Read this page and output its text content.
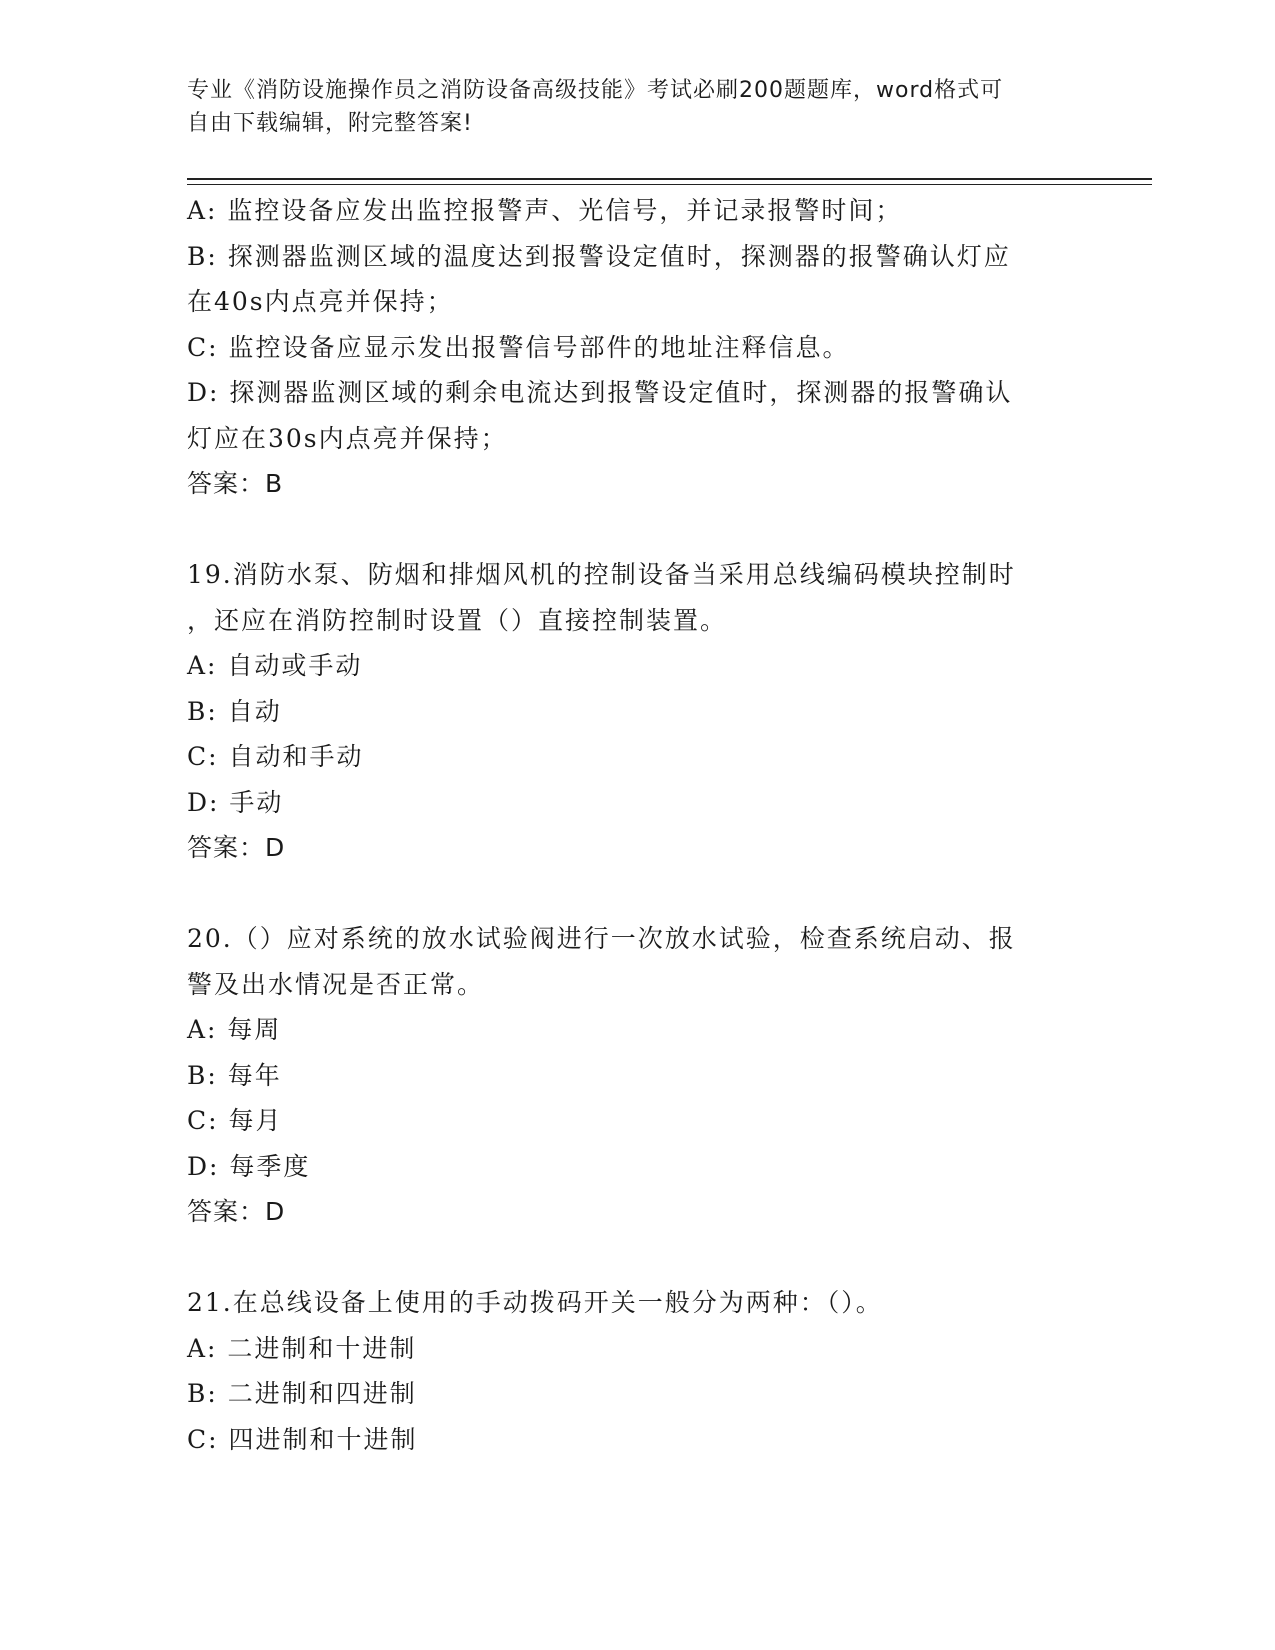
专业《消防设施操作员之消防设备高级技能》考试必刷200题题库，word格式可
自由下载编辑，附完整答案!
A: 监控设备应发出监控报警声、光信号，并记录报警时间；
B: 探测器监测区域的温度达到报警设定值时，探测器的报警确认灯应
在40s内点亮并保持；
C: 监控设备应显示发出报警信号部件的地址注释信息。
D: 探测器监测区域的剩余电流达到报警设定值时，探测器的报警确认
灯应在30s内点亮并保持；
答案：B
19.消防水泵、防烟和排烟风机的控制设备当采用总线编码模块控制时
，还应在消防控制时设置（）直接控制装置。
A: 自动或手动
B: 自动
C: 自动和手动
D: 手动
答案：D
20.（）应对系统的放水试验阀进行一次放水试验，检查系统启动、报
警及出水情况是否正常。
A: 每周
B: 每年
C: 每月
D: 每季度
答案：D
21.在总线设备上使用的手动拨码开关一般分为两种：（）。
A: 二进制和十进制
B: 二进制和四进制
C: 四进制和十进制
